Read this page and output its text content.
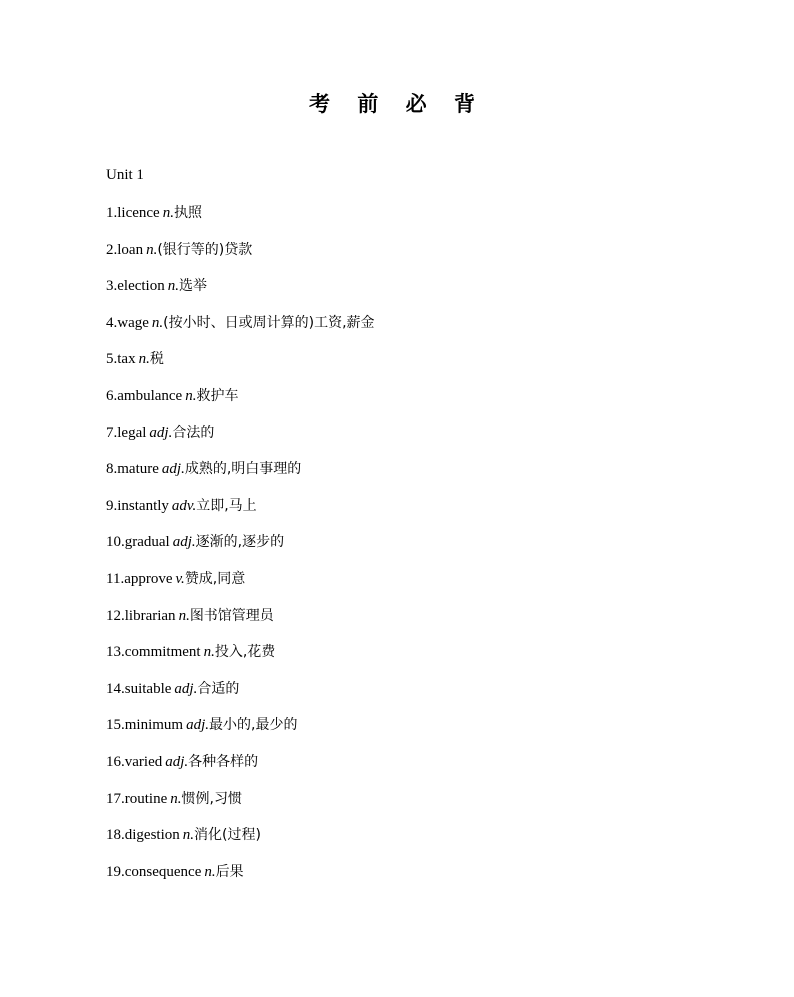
考 前 必 背
Unit 1
1.licence n.执照
2.loan n.(银行等的)贷款
3.election n.选举
4.wage n.(按小时、日或周计算的)工资,薪金
5.tax n.税
6.ambulance n.救护车
7.legal adj.合法的
8.mature adj.成熟的,明白事理的
9.instantly adv.立即,马上
10.gradual adj.逐渐的,逐步的
11.approve v.赞成,同意
12.librarian n.图书馆管理员
13.commitment n.投入,花费
14.suitable adj.合适的
15.minimum adj.最小的,最少的
16.varied adj.各种各样的
17.routine n.惯例,习惯
18.digestion n.消化(过程)
19.consequence n.后果
